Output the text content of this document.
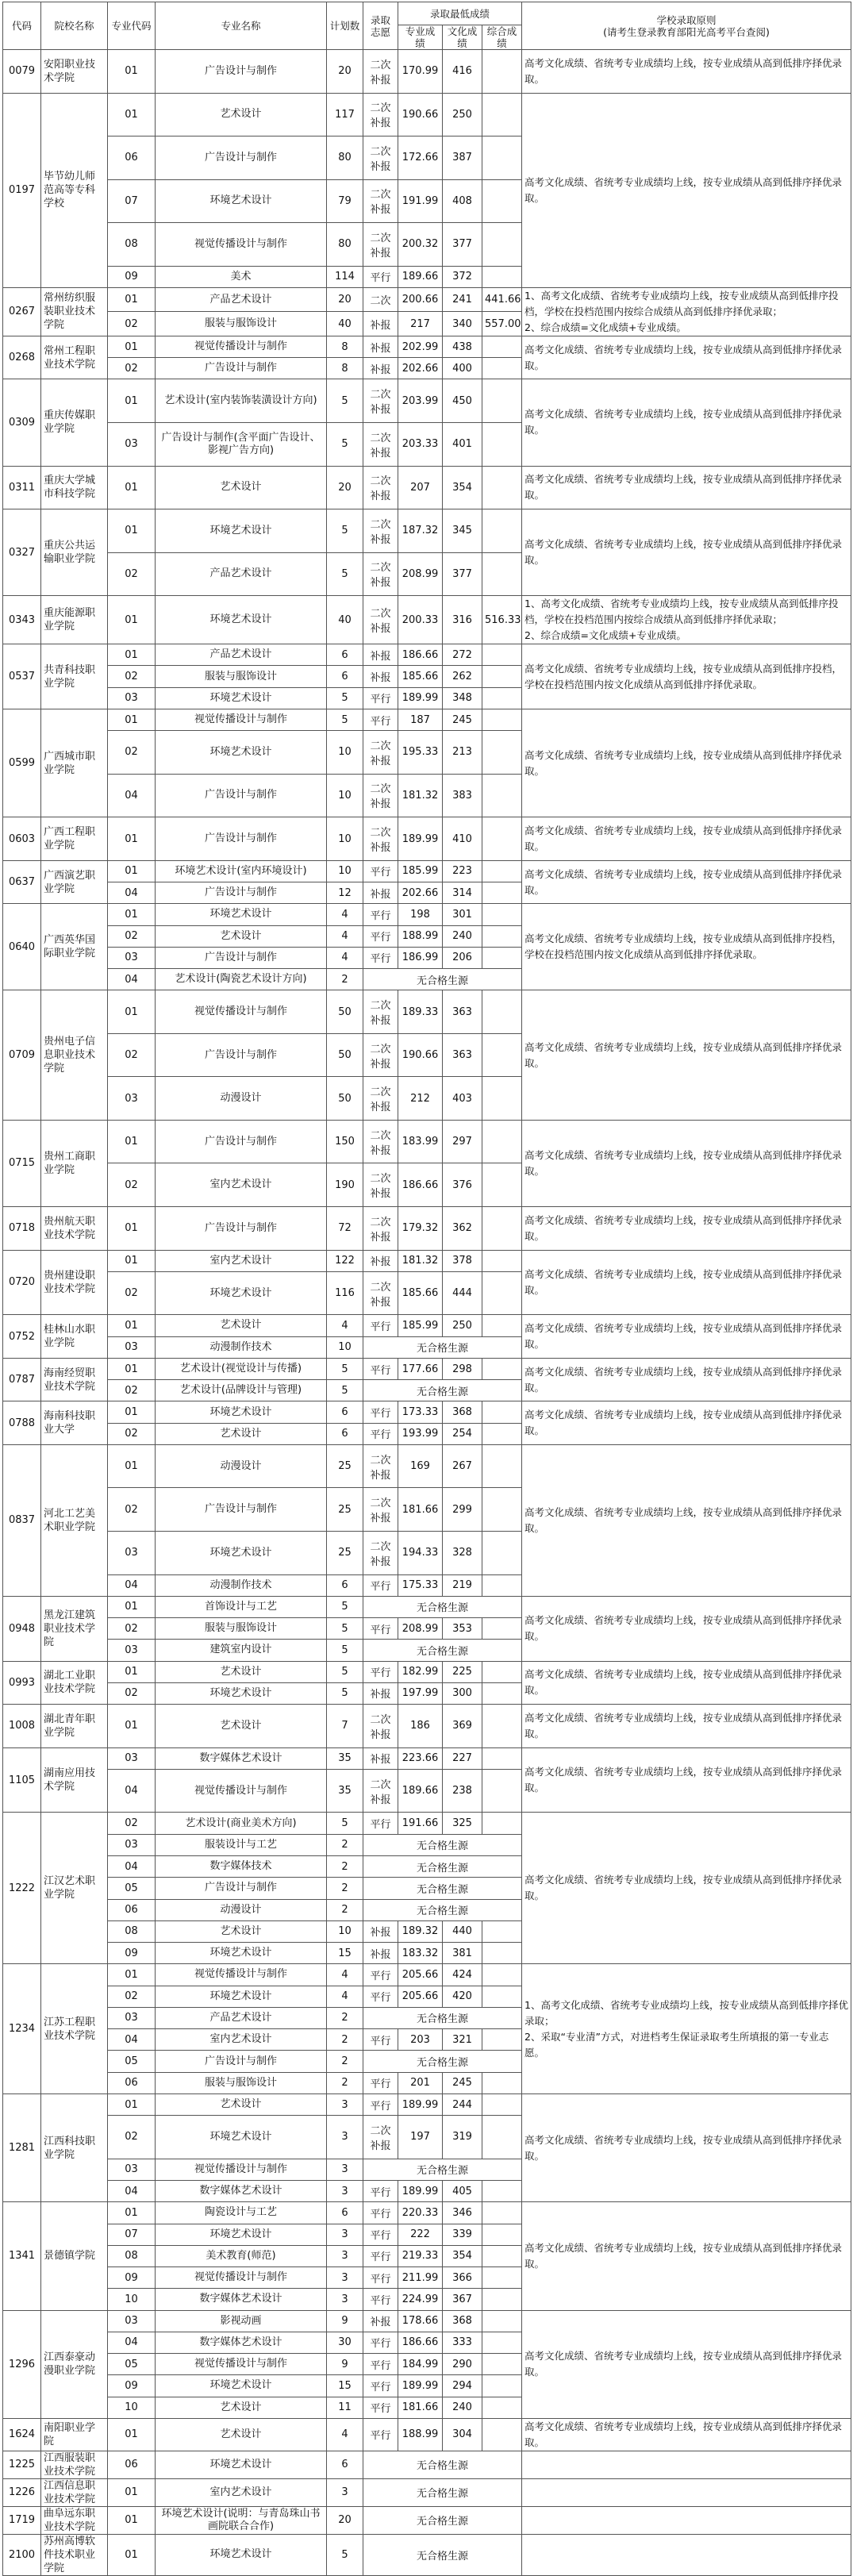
代码	院校名称	专业代码	专业名称	计划数	录取志愿	录取最低成绩			学校录取原则
(请考生登录教育部阳光高考平台查阅)
						专业成绩	文化成绩	综合成绩	
0079	安阳职业技术学院	01	广告设计与制作	20	二次补报	170.99	416		高考文化成绩、省统考专业成绩均上线，按专业成绩从高到低排序择优录取。
0197	毕节幼儿师范高等专科学校	01	艺术设计	117	二次补报	190.66	250		高考文化成绩、省统考专业成绩均上线，按专业成绩从高到低排序择优录取。
		06	广告设计与制作	80	二次补报	172.66	387		
		07	环境艺术设计	79	二次补报	191.99	408		
		08	视觉传播设计与制作	80	二次补报	200.32	377		
		09	美术	114	平行	189.66	372		
0267	常州纺织服装职业技术学院	01	产品艺术设计	20	二次	200.66	241	441.66	1、高考文化成绩、省统考专业成绩均上线，按专业成绩从高到低排序投档，学校在投档范围内按综合成绩从高到低排序择优录取；
2、综合成绩=文化成绩+专业成绩。
		02	服装与服饰设计	40	补报	217	340	557.00	
0268	常州工程职业技术学院	01	视觉传播设计与制作	8	补报	202.99	438		高考文化成绩、省统考专业成绩均上线，按专业成绩从高到低排序择优录取。
		02	广告设计与制作	8	补报	202.66	400		
0309	重庆传媒职业学院	01	艺术设计(室内装饰装潢设计方向)	5	二次补报	203.99	450		高考文化成绩、省统考专业成绩均上线，按专业成绩从高到低排序择优录取。
		03	广告设计与制作(含平面广告设计、影视广告方向)	5	二次补报	203.33	401		
0311	重庆大学城市科技学院	01	艺术设计	20	二次补报	207	354		高考文化成绩、省统考专业成绩均上线，按专业成绩从高到低排序择优录取。
0327	重庆公共运输职业学院	01	环境艺术设计	5	二次补报	187.32	345		高考文化成绩、省统考专业成绩均上线，按专业成绩从高到低排序择优录取。
		02	产品艺术设计	5	二次补报	208.99	377		
0343	重庆能源职业学院	01	环境艺术设计	40	二次补报	200.33	316	516.33	1、高考文化成绩、省统考专业成绩均上线，按专业成绩从高到低排序投档，学校在投档范围内按综合成绩从高到低排序择优录取；
2、综合成绩=文化成绩+专业成绩。
0537	共青科技职业学院	01	产品艺术设计	6	补报	186.66	272		高考文化成绩、省统考专业成绩均上线，按专业成绩从高到低排序投档，学校在投档范围内按文化成绩从高到低排序择优录取。
		02	服装与服饰设计	6	补报	185.66	262		
		03	环境艺术设计	5	平行	189.99	348		
0599	广西城市职业学院	01	视觉传播设计与制作	5	平行	187	245		高考文化成绩、省统考专业成绩均上线，按专业成绩从高到低排序择优录取。
		02	环境艺术设计	10	二次补报	195.33	213		
		04	广告设计与制作	10	二次补报	181.32	383		
0603	广西工程职业学院	01	广告设计与制作	10	二次补报	189.99	410		高考文化成绩、省统考专业成绩均上线，按专业成绩从高到低排序择优录取。
0637	广西演艺职业学院	01	环境艺术设计(室内环境设计)	10	平行	185.99	223		高考文化成绩、省统考专业成绩均上线，按专业成绩从高到低排序择优录取。
		04	广告设计与制作	12	补报	202.66	314		
0640	广西英华国际职业学院	01	环境艺术设计	4	平行	198	301		高考文化成绩、省统考专业成绩均上线，按专业成绩从高到低排序投档，学校在投档范围内按文化成绩从高到低排序择优录取。
		02	艺术设计	4	平行	188.99	240		
		03	广告设计与制作	4	平行	186.99	206		
		04	艺术设计(陶瓷艺术设计方向)	2	无合格生源				
0709	贵州电子信息职业技术学院	01	视觉传播设计与制作	50	二次补报	189.33	363		高考文化成绩、省统考专业成绩均上线，按专业成绩从高到低排序择优录取。
		02	广告设计与制作	50	二次补报	190.66	363		
		03	动漫设计	50	二次补报	212	403		
0715	贵州工商职业学院	01	广告设计与制作	150	二次补报	183.99	297		高考文化成绩、省统考专业成绩均上线，按专业成绩从高到低排序择优录取。
		02	室内艺术设计	190	二次补报	186.66	376		
0718	贵州航天职业技术学院	01	广告设计与制作	72	二次补报	179.32	362		高考文化成绩、省统考专业成绩均上线，按专业成绩从高到低排序择优录取。
0720	贵州建设职业技术学院	01	室内艺术设计	122	补报	181.32	378		高考文化成绩、省统考专业成绩均上线，按专业成绩从高到低排序择优录取。
		02	环境艺术设计	116	二次补报	185.66	444		
0752	桂林山水职业学院	01	艺术设计	4	平行	185.99	250		高考文化成绩、省统考专业成绩均上线，按专业成绩从高到低排序择优录取。
		03	动漫制作技术	10	无合格生源				
0787	海南经贸职业技术学院	01	艺术设计(视觉设计与传播)	5	平行	177.66	298		高考文化成绩、省统考专业成绩均上线，按专业成绩从高到低排序择优录取。
		02	艺术设计(品牌设计与管理)	5	无合格生源				
0788	海南科技职业大学	01	环境艺术设计	6	平行	173.33	368		高考文化成绩、省统考专业成绩均上线，按专业成绩从高到低排序择优录取。
		02	艺术设计	6	平行	193.99	254		
0837	河北工艺美术职业学院	01	动漫设计	25	二次补报	169	267		高考文化成绩、省统考专业成绩均上线，按专业成绩从高到低排序择优录取。
		02	广告设计与制作	25	二次补报	181.66	299		
		03	环境艺术设计	25	二次补报	194.33	328		
		04	动漫制作技术	6	平行	175.33	219		
0948	黑龙江建筑职业技术学院	01	首饰设计与工艺	5	无合格生源				高考文化成绩、省统考专业成绩均上线，按专业成绩从高到低排序择优录取。
		02	服装与服饰设计	5	平行	208.99	353		
		03	建筑室内设计	5	无合格生源				
0993	湖北工业职业技术学院	01	艺术设计	5	平行	182.99	225		高考文化成绩、省统考专业成绩均上线，按专业成绩从高到低排序择优录取。
		02	环境艺术设计	5	补报	197.99	300		
1008	湖北青年职业学院	01	艺术设计	7	二次补报	186	369		高考文化成绩、省统考专业成绩均上线，按专业成绩从高到低排序择优录取。
1105	湖南应用技术学院	03	数字媒体艺术设计	35	补报	223.66	227		高考文化成绩、省统考专业成绩均上线，按专业成绩从高到低排序择优录取。
		04	视觉传播设计与制作	35	二次补报	189.66	238		
1222	江汉艺术职业学院	02	艺术设计(商业美术方向)	5	平行	191.66	325		高考文化成绩、省统考专业成绩均上线，按专业成绩从高到低排序择优录取。
		03	服装设计与工艺	2	无合格生源				
		04	数字媒体技术	2	无合格生源				
		05	广告设计与制作	2	无合格生源				
		06	动漫设计	2	无合格生源				
		08	艺术设计	10	补报	189.32	440		
		09	环境艺术设计	15	补报	183.32	381		
1234	江苏工程职业技术学院	01	视觉传播设计与制作	4	平行	205.66	424		1、高考文化成绩、省统考专业成绩均上线，按专业成绩从高到低排序择优录取；
2、采取“专业清”方式，对进档考生保证录取考生所填报的第一专业志愿。
		02	环境艺术设计	4	平行	205.66	420		
		03	产品艺术设计	2	无合格生源				
		04	室内艺术设计	2	平行	203	321		
		05	广告设计与制作	2	无合格生源				
		06	服装与服饰设计	2	平行	201	245		
1281	江西科技职业学院	01	艺术设计	3	平行	189.99	244		高考文化成绩、省统考专业成绩均上线，按专业成绩从高到低排序择优录取。
		02	环境艺术设计	3	二次补报	197	319		
		03	视觉传播设计与制作	3	无合格生源				
		04	数字媒体艺术设计	3	平行	189.99	405		
1341	景德镇学院	01	陶瓷设计与工艺	6	平行	220.33	346		高考文化成绩、省统考专业成绩均上线，按专业成绩从高到低排序择优录取。
		07	环境艺术设计	3	平行	222	339		
		08	美术教育(师范)	3	平行	219.33	354		
		09	视觉传播设计与制作	3	平行	211.99	366		
		10	数字媒体艺术设计	3	平行	224.99	367		
1296	江西泰豪动漫职业学院	03	影视动画	9	补报	178.66	368		高考文化成绩、省统考专业成绩均上线，按专业成绩从高到低排序择优录取。
		04	数字媒体艺术设计	30	平行	186.66	333		
		05	视觉传播设计与制作	9	平行	184.99	290		
		09	环境艺术设计	15	平行	189.99	294		
		10	艺术设计	11	平行	181.66	240		
1624	南阳职业学院	01	艺术设计	4	平行	188.99	304		高考文化成绩、省统考专业成绩均上线，按专业成绩从高到低排序择优录取。
1225	江西服装职业技术学院	06	环境艺术设计	6	无合格生源				
1226	江西信息职业技术学院	01	室内艺术设计	3	无合格生源				
1719	曲阜远东职业技术学院	01	环境艺术设计(说明：与青岛珠山书画院联合合作)	20	无合格生源				
2100	苏州高博软件技术职业学院	01	环境艺术设计	5	无合格生源				
